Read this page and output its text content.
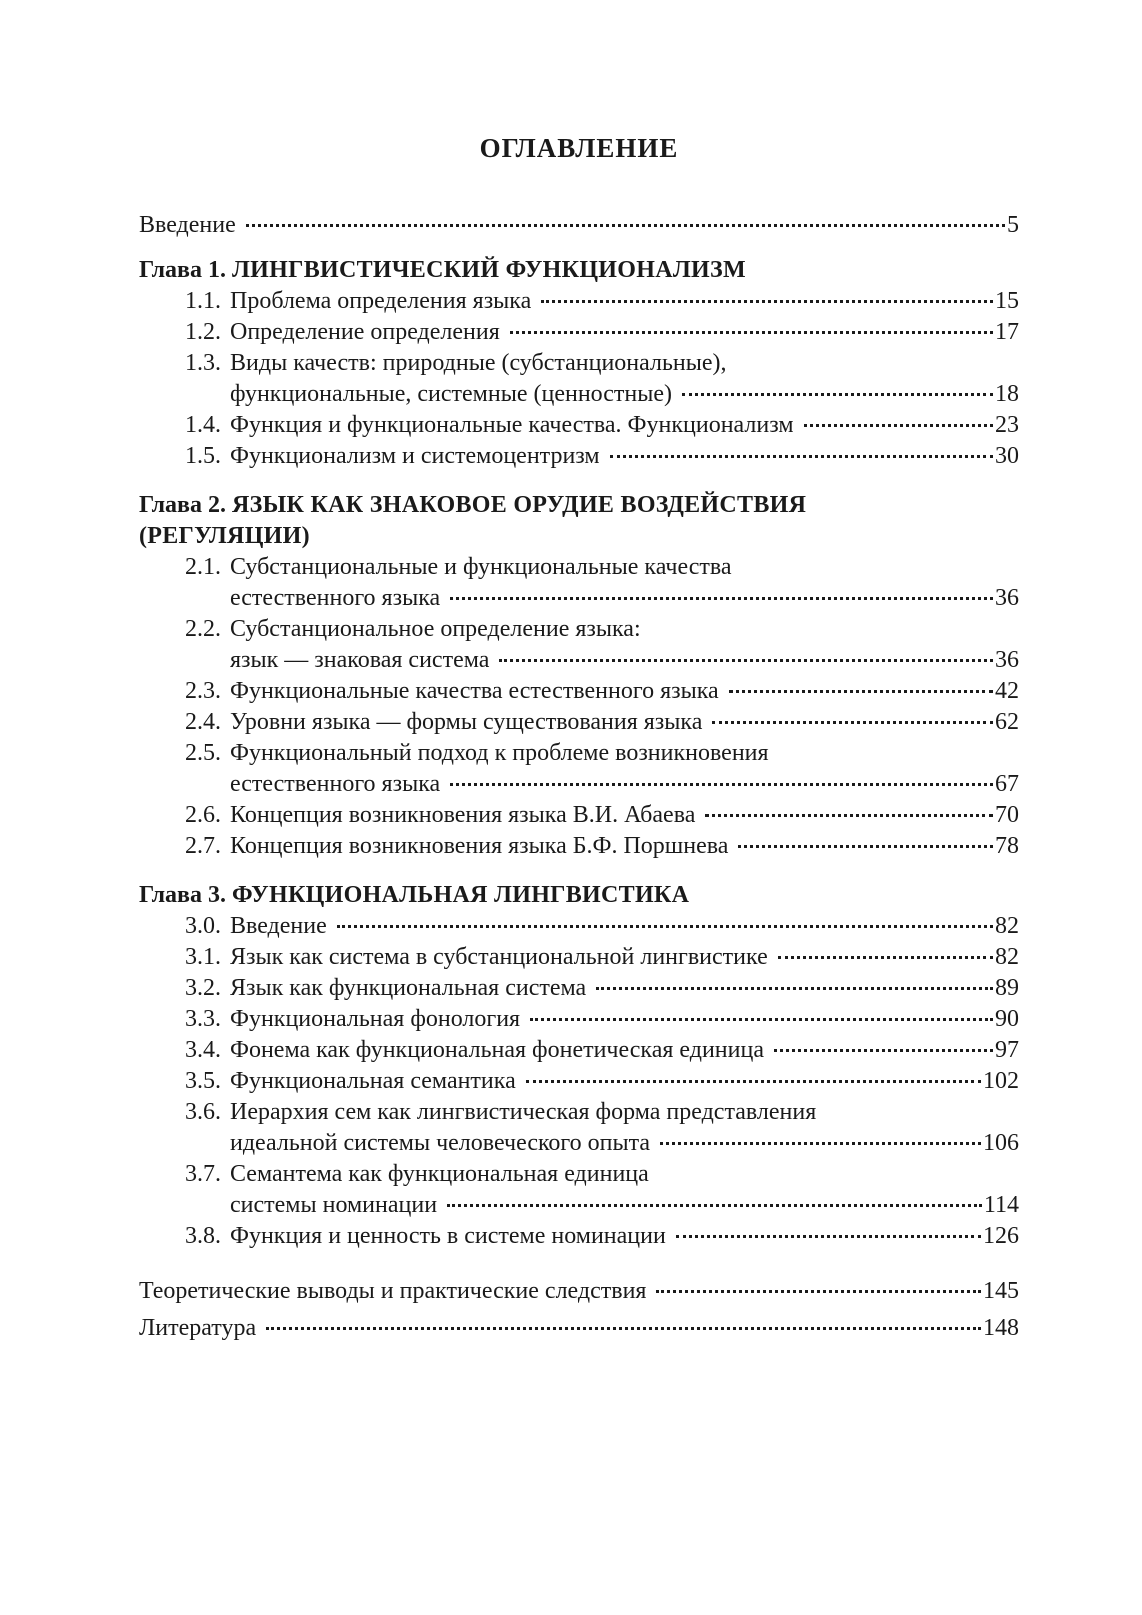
ОГЛАВЛЕНИЕ
Введение	5
Глава 1. ЛИНГВИСТИЧЕСКИЙ ФУНКЦИОНАЛИЗМ
1.1. Проблема определения языка	15
1.2. Определение определения	17
1.3. Виды качеств: природные (субстанциональные),
функциональные, системные (ценностные)	18
1.4. Функция и функциональные качества. Функционализм	23
1.5. Функционализм и системоцентризм	30
Глава 2. ЯЗЫК КАК ЗНАКОВОЕ ОРУДИЕ ВОЗДЕЙСТВИЯ
(РЕГУЛЯЦИИ)
2.1. Субстанциональные и функциональные качества
естественного языка	36
2.2. Субстанциональное определение языка:
язык — знаковая система	36
2.3. Функциональные качества естественного языка	42
2.4. Уровни языка — формы существования языка	62
2.5. Функциональный подход к проблеме возникновения
естественного языка	67
2.6. Концепция возникновения языка В.И. Абаева	70
2.7. Концепция возникновения языка Б.Ф. Поршнева	78
Глава 3. ФУНКЦИОНАЛЬНАЯ ЛИНГВИСТИКА
3.0. Введение	82
3.1. Язык как система в субстанциональной лингвистике	82
3.2. Язык как функциональная система	89
3.3. Функциональная фонология	90
3.4. Фонема как функциональная фонетическая единица	97
3.5. Функциональная семантика	102
3.6. Иерархия сем как лингвистическая форма представления
идеальной системы человеческого опыта	106
3.7. Семантема как функциональная единица
системы номинации	114
3.8. Функция и ценность в системе номинации	126
Теоретические выводы и практические следствия	145
Литература	148
